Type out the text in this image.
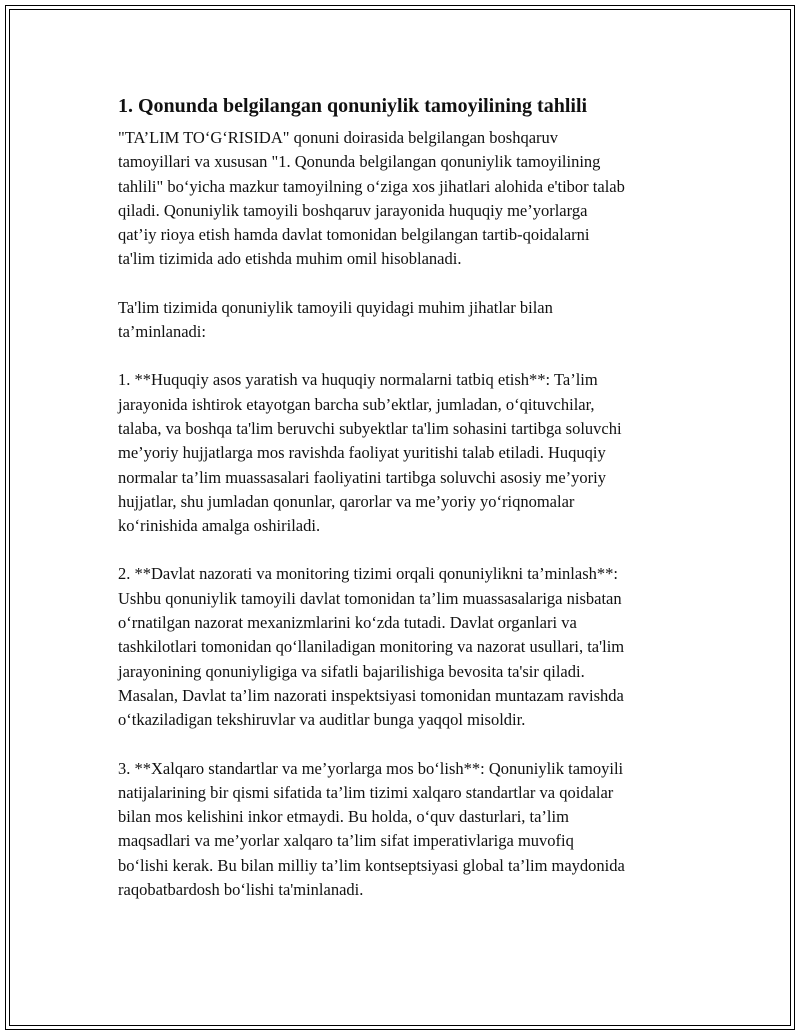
1. Qonunda belgilangan qonuniylik tamoyilining tahlili
"TA’LIM TO‘G‘RISIDA" qonuni doirasida belgilangan boshqaruv
tamoyillari va xususan "1. Qonunda belgilangan qonuniylik tamoyilining
tahlili" bo‘yicha mazkur tamoyilning o‘ziga xos jihatlari alohida e'tibor talab
qiladi. Qonuniylik tamoyili boshqaruv jarayonida huquqiy me’yorlarga
qat’iy rioya etish hamda davlat tomonidan belgilangan tartib-qoidalarni
ta'lim tizimida ado etishda muhim omil hisoblanadi.
Ta'lim tizimida qonuniylik tamoyili quyidagi muhim jihatlar bilan
ta’minlanadi:
1. **Huquqiy asos yaratish va huquqiy normalarni tatbiq etish**: Ta’lim
jarayonida ishtirok etayotgan barcha sub’ektlar, jumladan, o‘qituvchilar,
talaba, va boshqa ta'lim beruvchi subyektlar ta'lim sohasini tartibga soluvchi
me’yoriy hujjatlarga mos ravishda faoliyat yuritishi talab etiladi. Huquqiy
normalar ta’lim muassasalari faoliyatini tartibga soluvchi asosiy me’yoriy
hujjatlar, shu jumladan qonunlar, qarorlar va me’yoriy yo‘riqnomalar
ko‘rinishida amalga oshiriladi.
2. **Davlat nazorati va monitoring tizimi orqali qonuniylikni ta’minlash**:
Ushbu qonuniylik tamoyili davlat tomonidan ta’lim muassasalariga nisbatan
o‘rnatilgan nazorat mexanizmlarini ko‘zda tutadi. Davlat organlari va
tashkilotlari tomonidan qo‘llaniladigan monitoring va nazorat usullari, ta'lim
jarayonining qonuniyligiga va sifatli bajarilishiga bevosita ta'sir qiladi.
Masalan, Davlat ta’lim nazorati inspektsiyasi tomonidan muntazam ravishda
o‘tkaziladigan tekshiruvlar va auditlar bunga yaqqol misoldir.
3. **Xalqaro standartlar va me’yorlarga mos bo‘lish**: Qonuniylik tamoyili
natijalarining bir qismi sifatida ta’lim tizimi xalqaro standartlar va qoidalar
bilan mos kelishini inkor etmaydi. Bu holda, o‘quv dasturlari, ta’lim
maqsadlari va me’yorlar xalqaro ta’lim sifat imperativlariga muvofiq
bo‘lishi kerak. Bu bilan milliy ta’lim kontseptsiyasi global ta’lim maydonida
raqobatbardosh bo‘lishi ta'minlanadi.
